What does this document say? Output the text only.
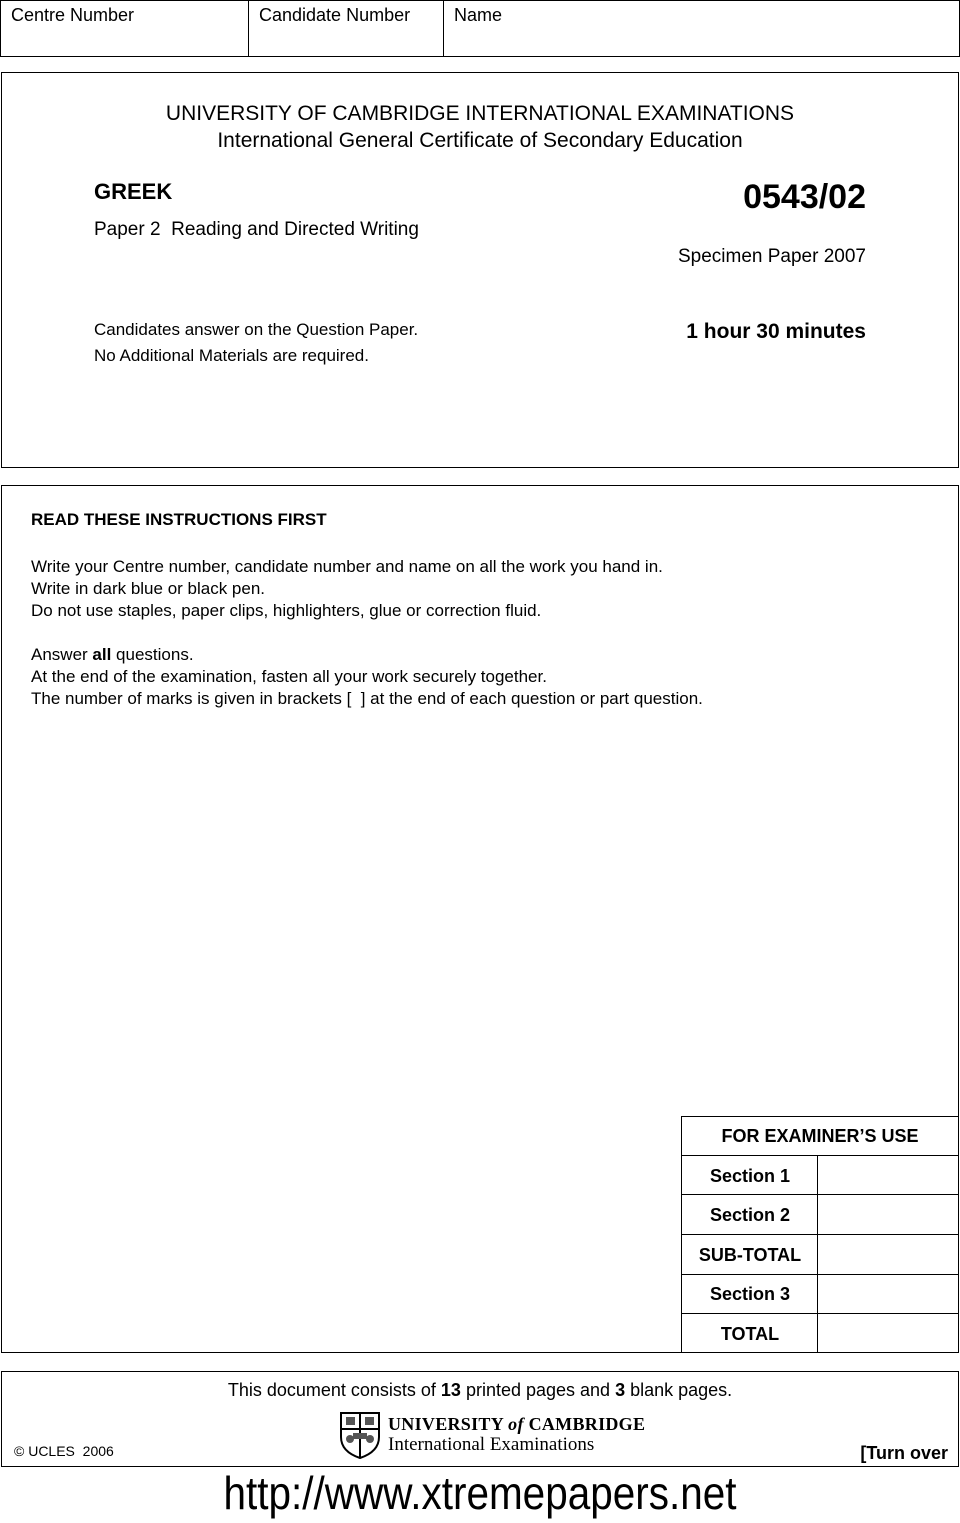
Centre Number	Candidate Number	Name
UNIVERSITY OF CAMBRIDGE INTERNATIONAL EXAMINATIONS
International General Certificate of Secondary Education
GREEK	0543/02
Paper 2  Reading and Directed Writing
Specimen Paper 2007
Candidates answer on the Question Paper.
No Additional Materials are required.
1 hour 30 minutes
READ THESE INSTRUCTIONS FIRST
Write your Centre number, candidate number and name on all the work you hand in.
Write in dark blue or black pen.
Do not use staples, paper clips, highlighters, glue or correction fluid.
Answer all questions.
At the end of the examination, fasten all your work securely together.
The number of marks is given in brackets [  ] at the end of each question or part question.
FOR EXAMINER’S USE
Section 1
Section 2
SUB-TOTAL
Section 3
TOTAL
This document consists of 13 printed pages and 3 blank pages.
© UCLES  2006
UNIVERSITY of CAMBRIDGE
International Examinations	[Turn over
http://www.xtremepapers.net
